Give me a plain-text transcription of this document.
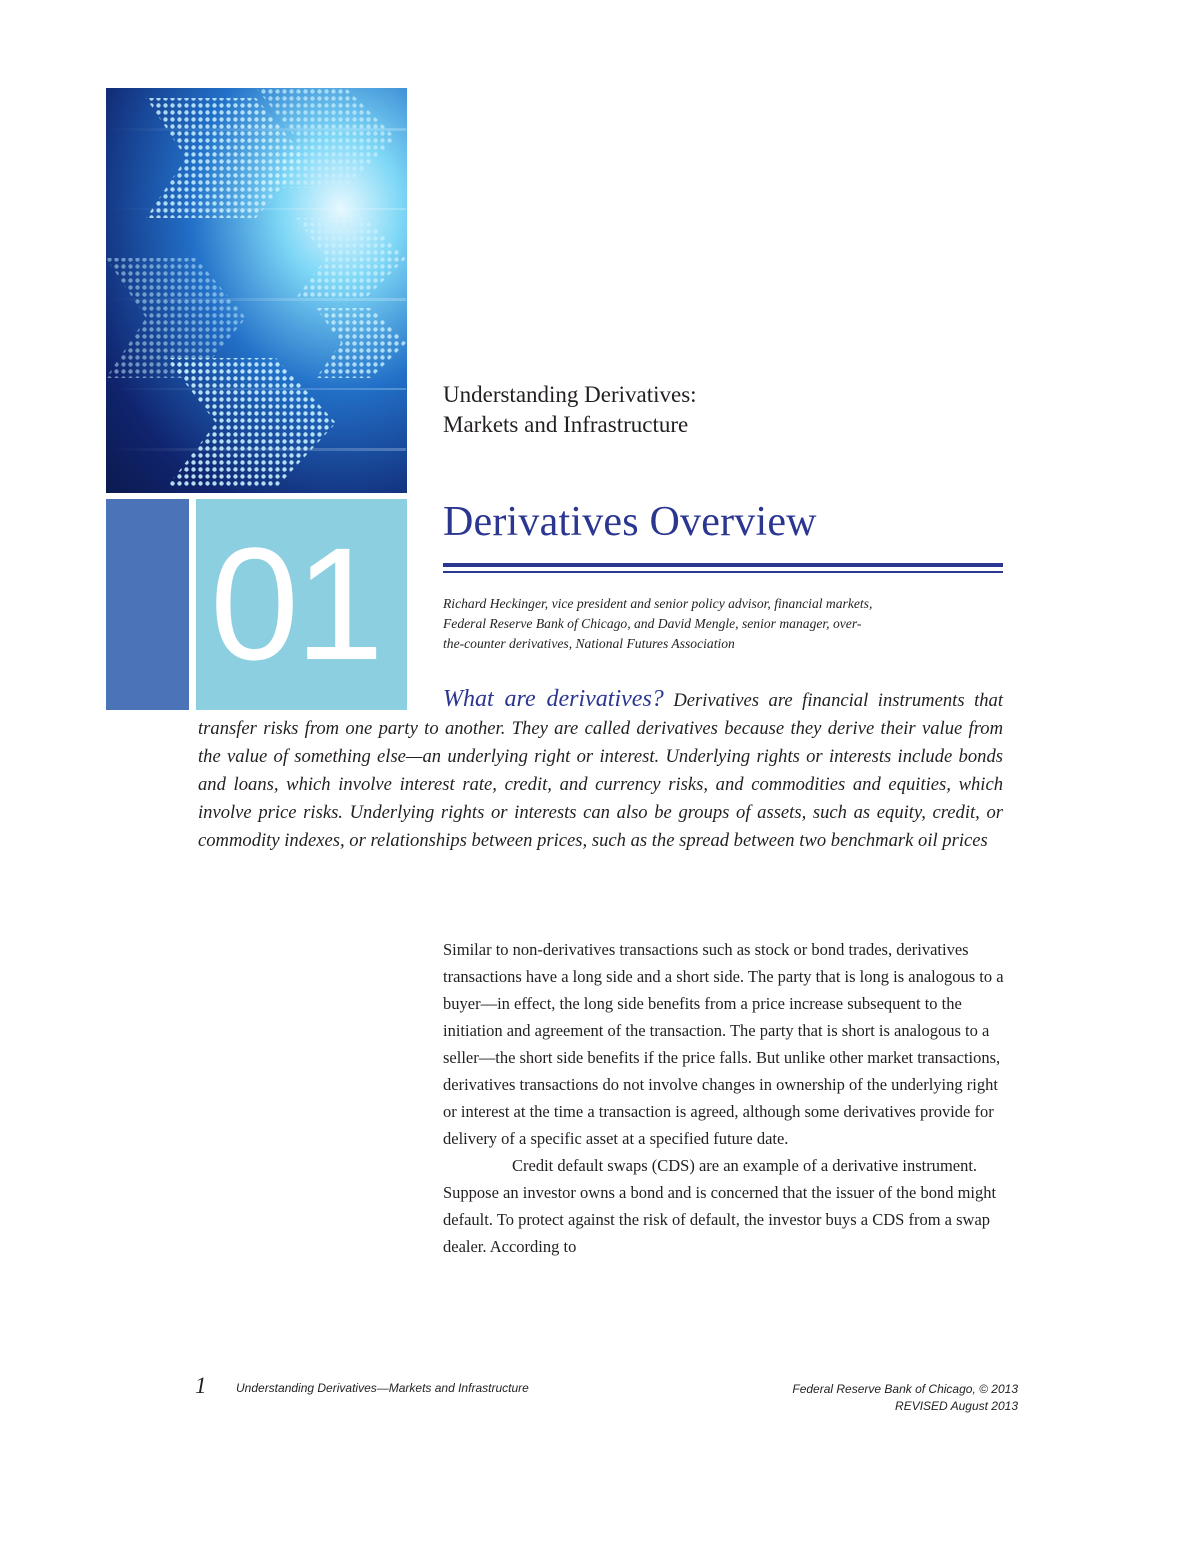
01
Understanding Derivatives:
Markets and Infrastructure
Derivatives Overview
Richard Heckinger, vice president and senior policy advisor, financial markets,
Federal Reserve Bank of Chicago, and David Mengle, senior manager, over-
the-counter derivatives, National Futures Association
What are derivatives? Derivatives are financial instruments that transfer risks from one party to another. They are called derivatives because they derive their value from the value of something else—an underlying right or interest. Underlying rights or interests include bonds and loans, which involve interest rate, credit, and currency risks, and commodities and equities, which involve price risks. Underlying rights or interests can also be groups of assets, such as equity, credit, or commodity indexes, or relationships between prices, such as the spread between two benchmark oil prices

Similar to non-derivatives transactions such as stock or bond trades, derivatives transactions have a long side and a short side. The party that is long is analogous to a buyer—in effect, the long side benefits from a price increase subsequent to the initiation and agreement of the transaction. The party that is short is analogous to a seller—the short side benefits if the price falls. But unlike other market transactions, derivatives transactions do not involve changes in ownership of the underlying right or interest at the time a transaction is agreed, although some derivatives provide for delivery of a specific asset at a specified future date.

Credit default swaps (CDS) are an example of a derivative instrument. Suppose an investor owns a bond and is concerned that the issuer of the bond might default. To protect against the risk of default, the investor buys a CDS from a swap dealer. According to

1 Understanding Derivatives—Markets and Infrastructure	Federal Reserve Bank of Chicago, © 2013
REVISED August 2013
